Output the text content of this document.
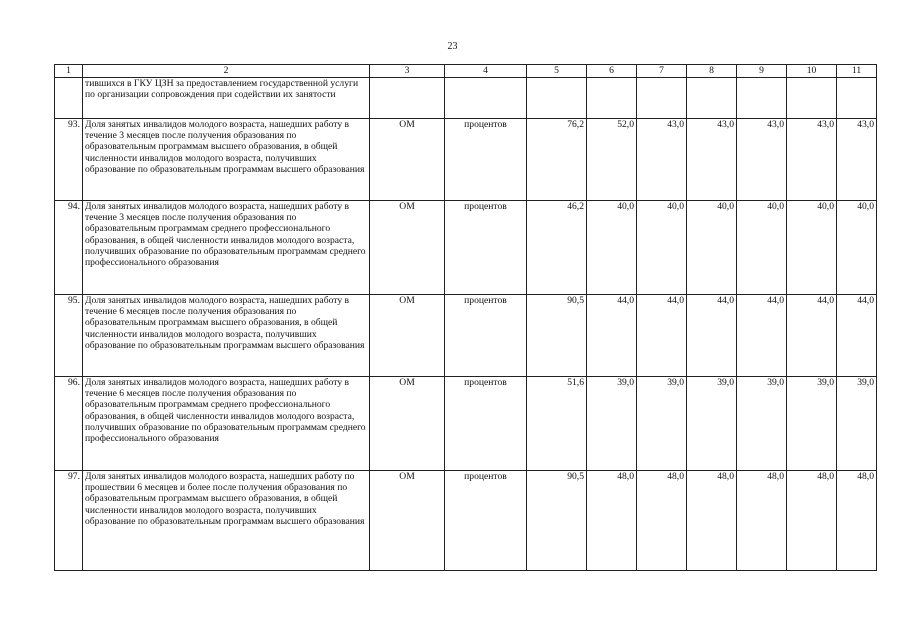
23
1	2	3	4	5	6	7	8	9	10	11
	тившихся в ГКУ ЦЗН за предоставлением государственной услуги по организации сопровождения при содействии их занятости									
93.	Доля занятых инвалидов молодого возраста, нашедших работу в течение 3 месяцев после получения образования по образовательным программам высшего образования, в общей численности инвалидов молодого возраста, получивших образование по образовательным программам высшего образования	ОМ	процентов	76,2	52,0	43,0	43,0	43,0	43,0	43,0
94.	Доля занятых инвалидов молодого возраста, нашедших работу в течение 3 месяцев после получения образования по образовательным программам среднего профессионального образования, в общей численности инвалидов молодого возраста, получивших образование по образовательным программам среднего профессионального образования	ОМ	процентов	46,2	40,0	40,0	40,0	40,0	40,0	40,0
95.	Доля занятых инвалидов молодого возраста, нашедших работу в течение 6 месяцев после получения образования по образовательным программам высшего образования, в общей численности инвалидов молодого возраста, получивших образование по образовательным программам высшего образования	ОМ	процентов	90,5	44,0	44,0	44,0	44,0	44,0	44,0
96.	Доля занятых инвалидов молодого возраста, нашедших работу в течение 6 месяцев после получения образования по образовательным программам среднего профессионального образования, в общей численности инвалидов молодого возраста, получивших образование по образовательным программам среднего профессионального образования	ОМ	процентов	51,6	39,0	39,0	39,0	39,0	39,0	39,0
97.	Доля занятых инвалидов молодого возраста, нашедших работу по прошествии 6 месяцев и более после получения образования по образовательным программам высшего образования, в общей численности инвалидов молодого возраста, получивших образование по образовательным программам высшего образования	ОМ	процентов	90,5	48,0	48,0	48,0	48,0	48,0	48,0
